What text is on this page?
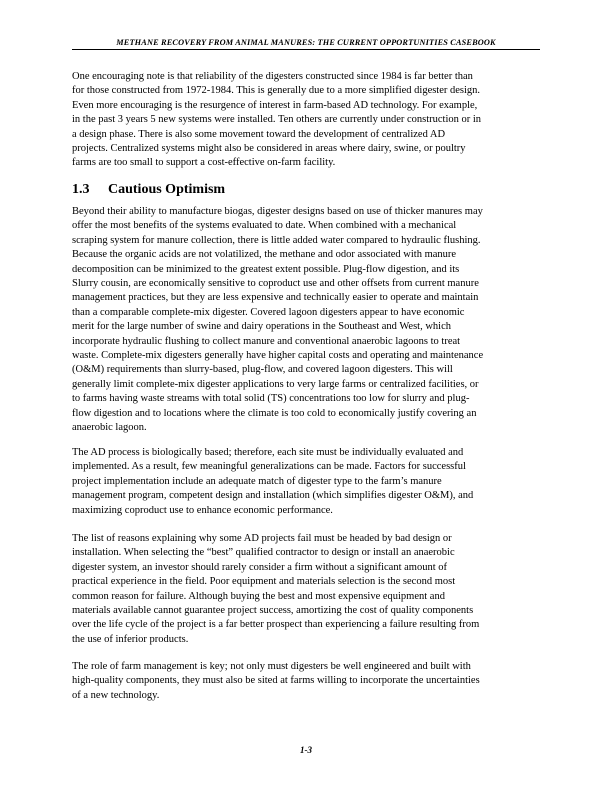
METHANE RECOVERY FROM ANIMAL MANURES: THE CURRENT OPPORTUNITIES CASEBOOK

One encouraging note is that reliability of the digesters constructed since 1984 is far better than
for those constructed from 1972-1984. This is generally due to a more simplified digester design.
Even more encouraging is the resurgence of interest in farm-based AD technology. For example,
in the past 3 years 5 new systems were installed. Ten others are currently under construction or in
a design phase. There is also some movement toward the development of centralized AD
projects. Centralized systems might also be considered in areas where dairy, swine, or poultry
farms are too small to support a cost-effective on-farm facility.

1.3 Cautious Optimism

Beyond their ability to manufacture biogas, digester designs based on use of thicker manures may
offer the most benefits of the systems evaluated to date. When combined with a mechanical
scraping system for manure collection, there is little added water compared to hydraulic flushing.
Because the organic acids are not volatilized, the methane and odor associated with manure
decomposition can be minimized to the greatest extent possible. Plug-flow digestion, and its
Slurry cousin, are economically sensitive to coproduct use and other offsets from current manure
management practices, but they are less expensive and technically easier to operate and maintain
than a comparable complete-mix digester. Covered lagoon digesters appear to have economic
merit for the large number of swine and dairy operations in the Southeast and West, which
incorporate hydraulic flushing to collect manure and conventional anaerobic lagoons to treat
waste. Complete-mix digesters generally have higher capital costs and operating and maintenance
(O&M) requirements than slurry-based, plug-flow, and covered lagoon digesters. This will
generally limit complete-mix digester applications to very large farms or centralized facilities, or
to farms having waste streams with total solid (TS) concentrations too low for slurry and plug-
flow digestion and to locations where the climate is too cold to economically justify covering an
anaerobic lagoon.

The AD process is biologically based; therefore, each site must be individually evaluated and
implemented. As a result, few meaningful generalizations can be made. Factors for successful
project implementation include an adequate match of digester type to the farm’s manure
management program, competent design and installation (which simplifies digester O&M), and
maximizing coproduct use to enhance economic performance.

The list of reasons explaining why some AD projects fail must be headed by bad design or
installation. When selecting the “best” qualified contractor to design or install an anaerobic
digester system, an investor should rarely consider a firm without a significant amount of
practical experience in the field. Poor equipment and materials selection is the second most
common reason for failure. Although buying the best and most expensive equipment and
materials available cannot guarantee project success, amortizing the cost of quality components
over the life cycle of the project is a far better prospect than experiencing a failure resulting from
the use of inferior products.

The role of farm management is key; not only must digesters be well engineered and built with
high-quality components, they must also be sited at farms willing to incorporate the uncertainties
of a new technology.

1-3
